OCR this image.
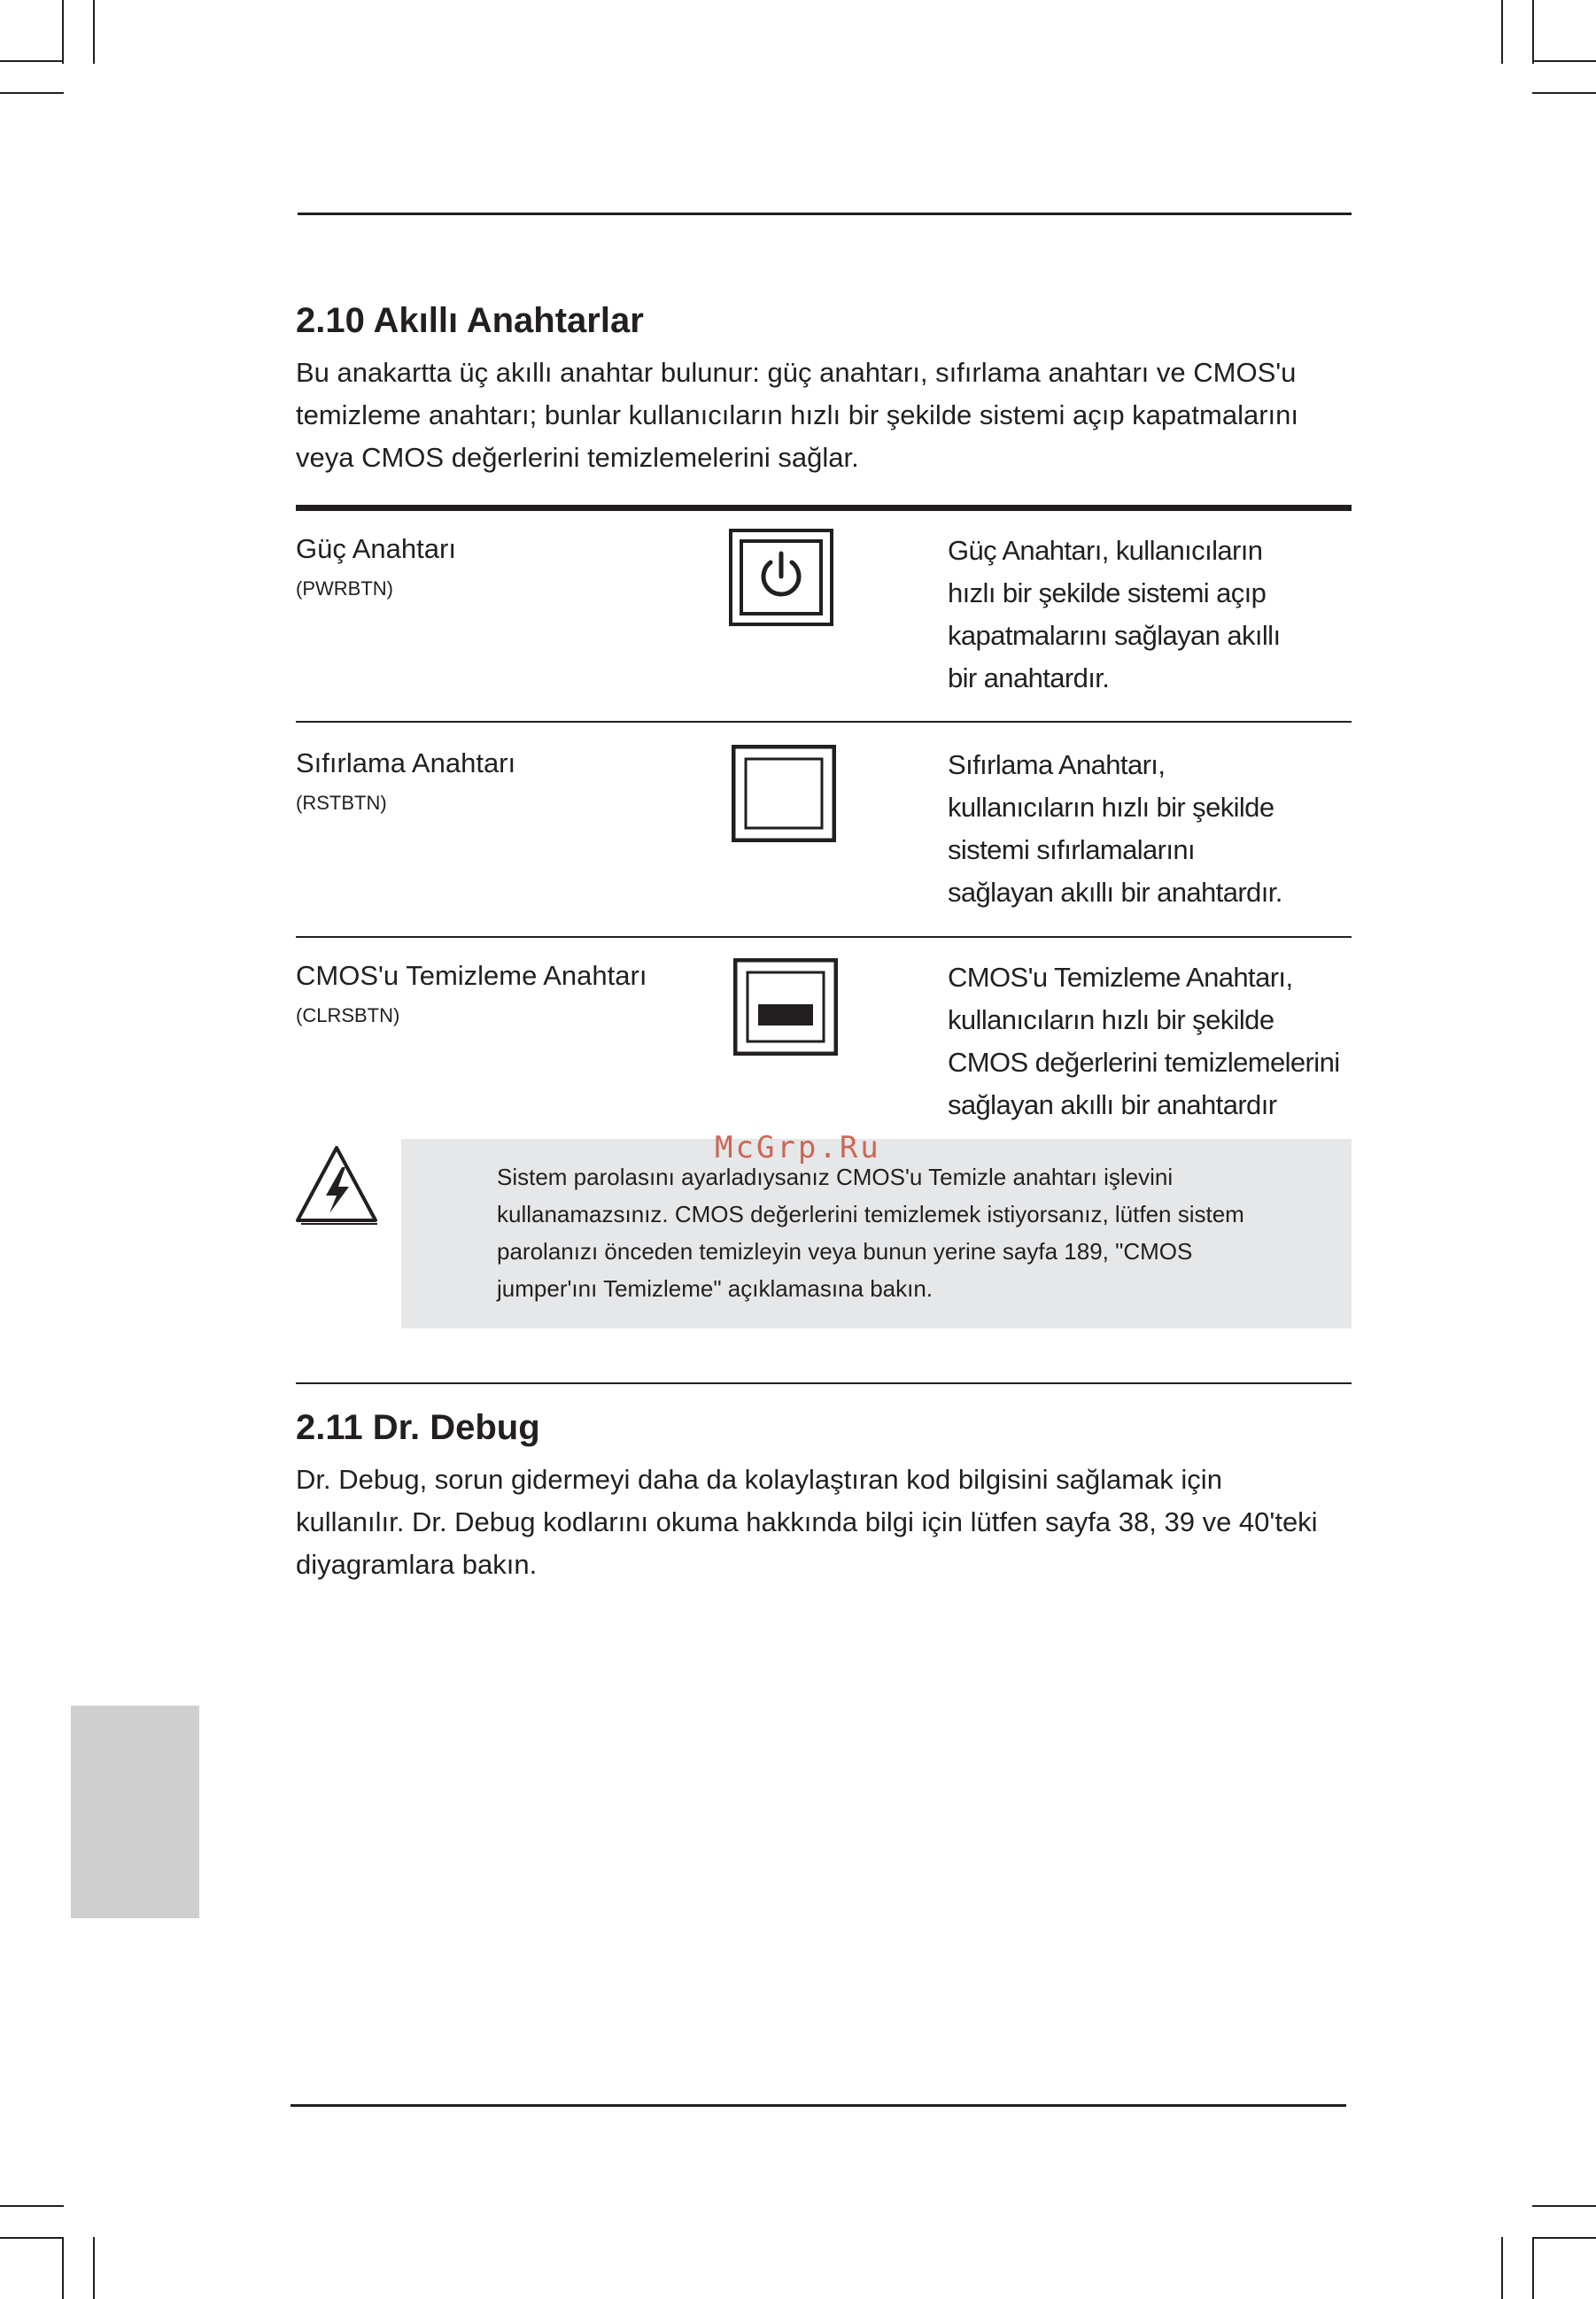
2.10 Akıllı Anahtarlar

Bu anakartta üç akıllı anahtar bulunur: güç anahtarı, sıfırlama anahtarı ve CMOS'u

temizleme anahtarı; bunlar kullanıcıların hızlı bir şekilde sistemi açıp kapatmalarını

veya CMOS değerlerini temizlemelerini sağlar.

Güç Anahtarı
(PWRBTN)
Güç Anahtarı, kullanıcıların
hızlı bir şekilde sistemi açıp
kapatmalarını sağlayan akıllı
bir anahtardır.
Sıfırlama Anahtarı
(RSTBTN)
Sıfırlama Anahtarı,
kullanıcıların hızlı bir şekilde
sistemi sıfırlamalarını
sağlayan akıllı bir anahtardır.
CMOS'u Temizleme Anahtarı
(CLRSBTN)
CMOS'u Temizleme Anahtarı,
kullanıcıların hızlı bir şekilde
CMOS değerlerini temizlemelerini
sağlayan akıllı bir anahtardır
Sistem parolasını ayarladıysanız CMOS'u Temizle anahtarı işlevini
kullanamazsınız. CMOS değerlerini temizlemek istiyorsanız, lütfen sistem
parolanızı önceden temizleyin veya bunun yerine sayfa 189, "CMOS
jumper'ını Temizleme" açıklamasına bakın.
McGrp.Ru
2.11 Dr. Debug

Dr. Debug, sorun gidermeyi daha da kolaylaştıran kod bilgisini sağlamak için

kullanılır. Dr. Debug kodlarını okuma hakkında bilgi için lütfen sayfa 38, 39 ve 40'teki

diyagramlara bakın.
